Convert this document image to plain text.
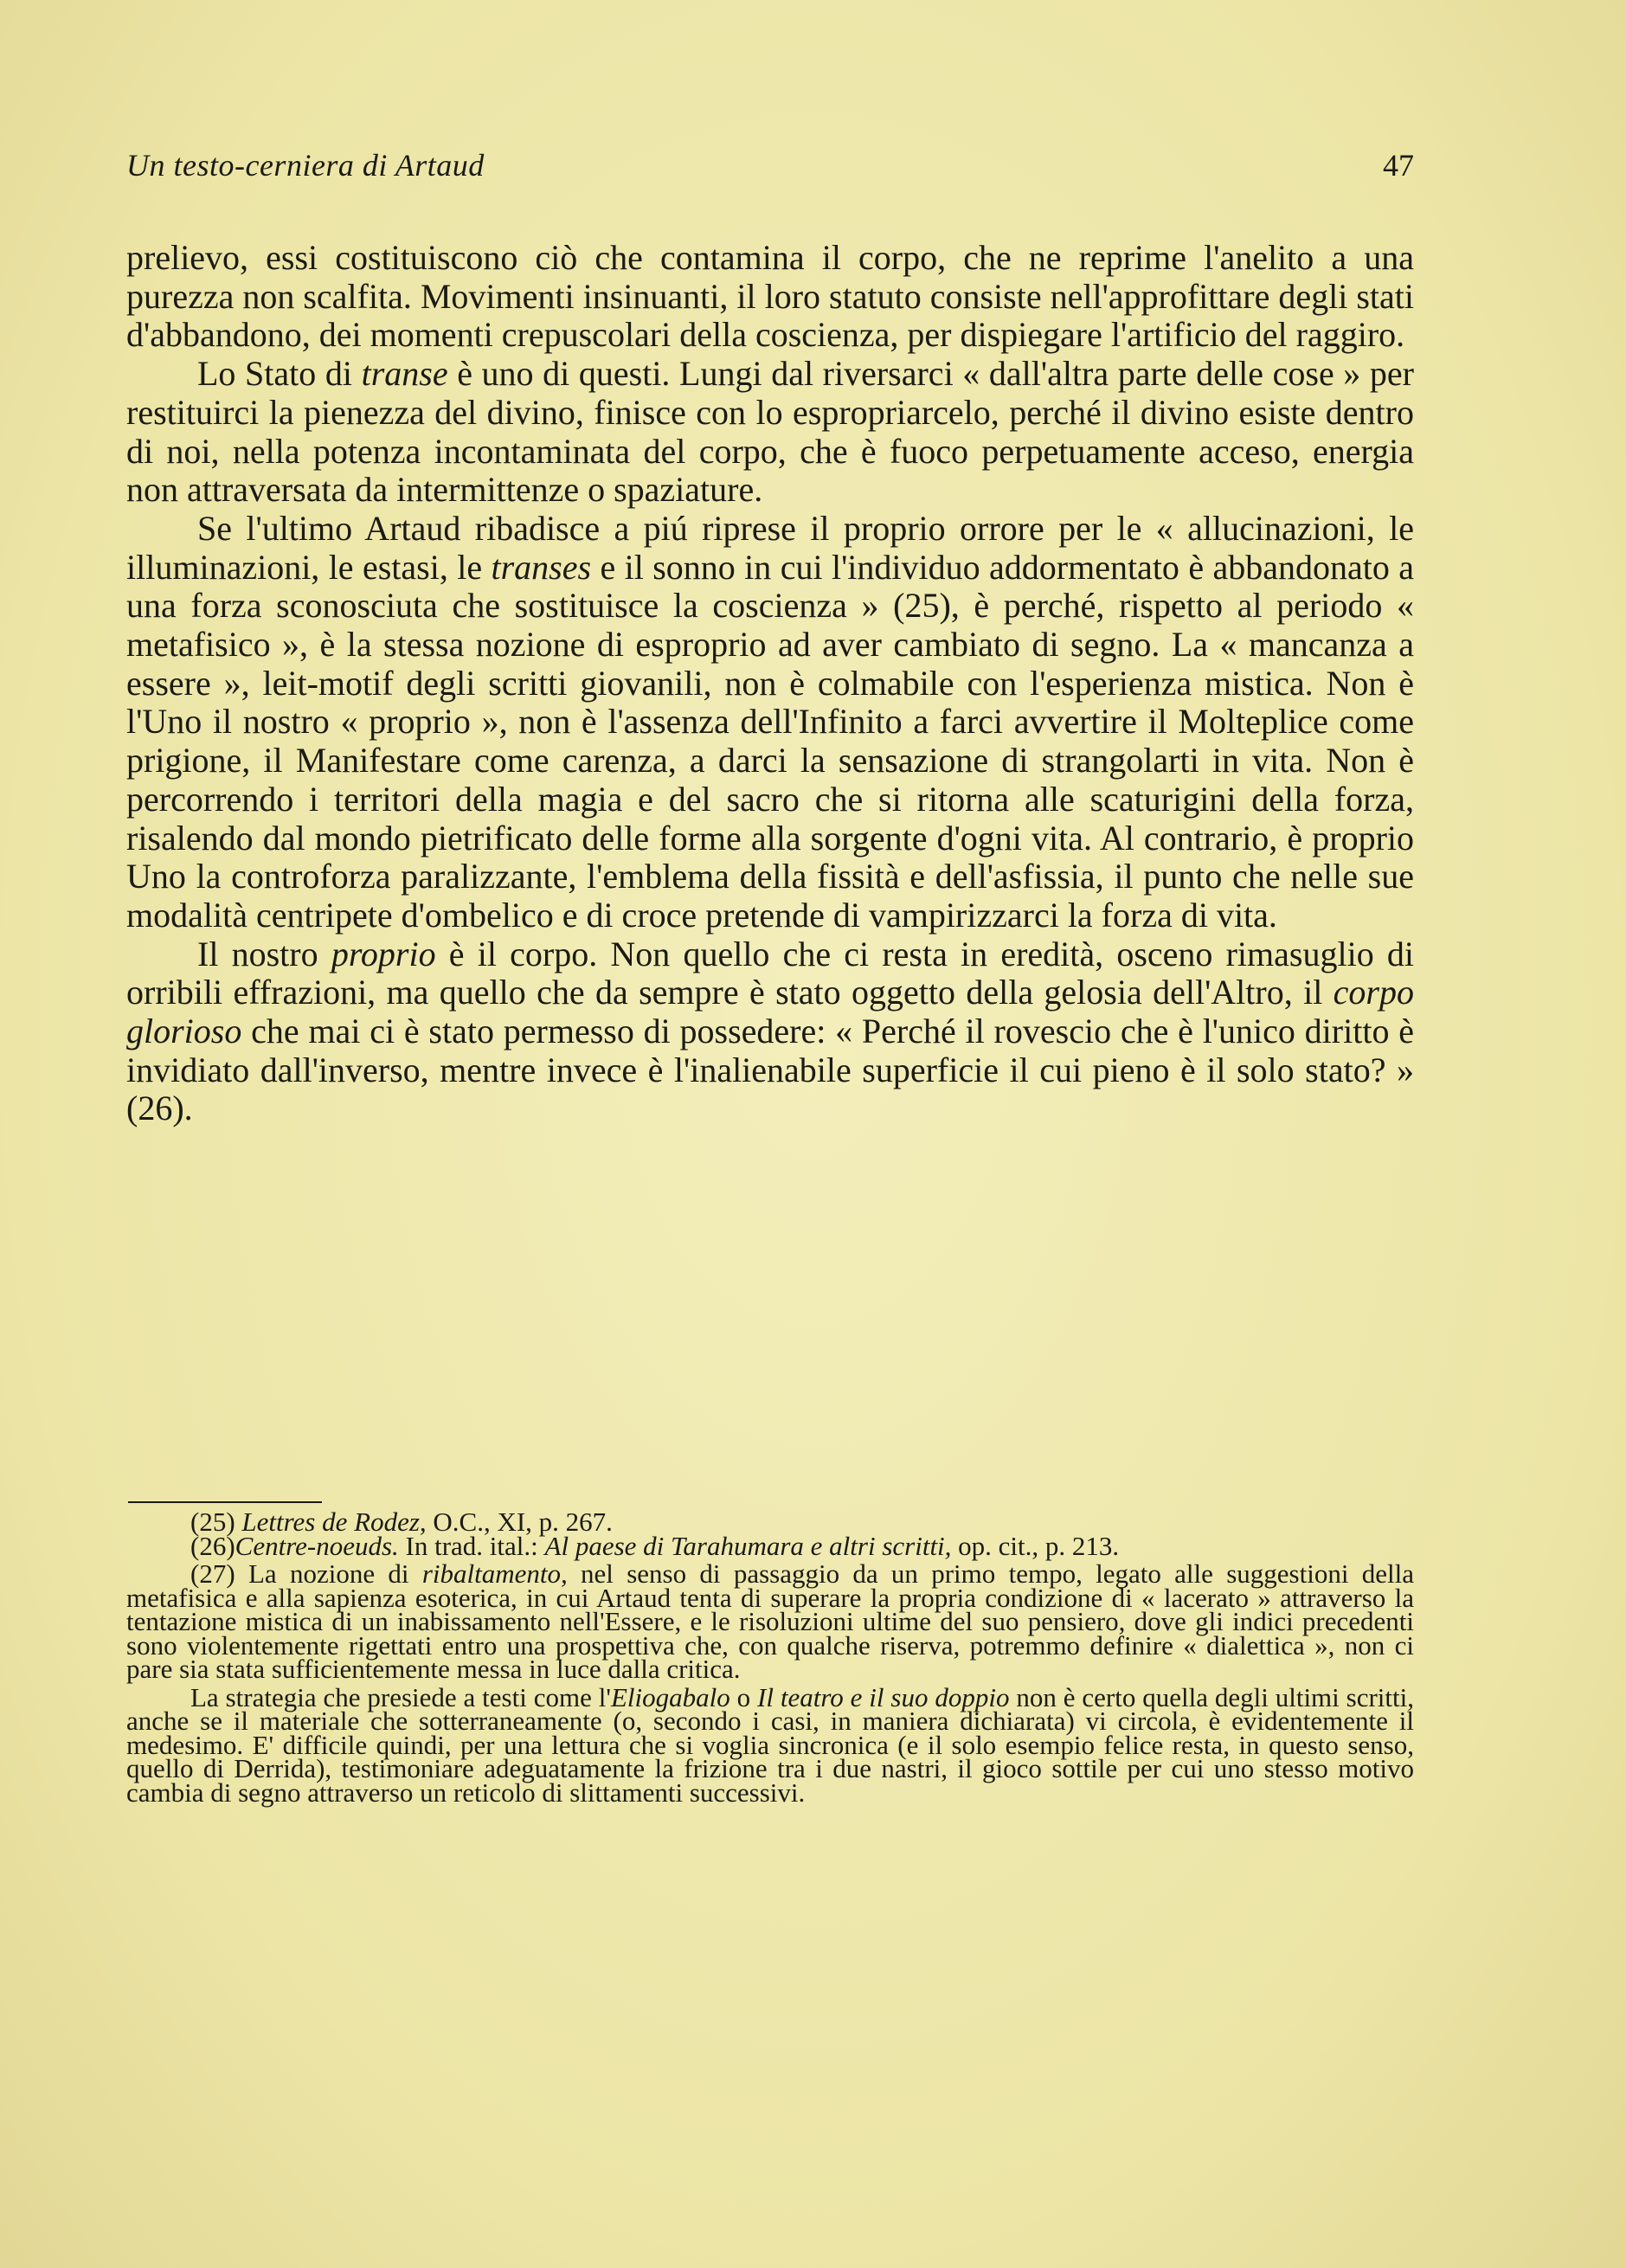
Un testo-cerniera di Artaud	47

prelievo, essi costituiscono ciò che contamina il corpo, che ne reprime l'anelito a una purezza non scalfita. Movimenti insinuanti, il loro statuto consiste nell'approfittare degli stati d'abbandono, dei momenti crepuscolari della coscienza, per dispiegare l'artificio del raggiro.

Lo Stato di transe è uno di questi. Lungi dal riversarci « dall'altra parte delle cose » per restituirci la pienezza del divino, finisce con lo espropriarcelo, perché il divino esiste dentro di noi, nella potenza incontaminata del corpo, che è fuoco perpetuamente acceso, energia non attraversata da intermittenze o spaziature.

Se l'ultimo Artaud ribadisce a piú riprese il proprio orrore per le « allucinazioni, le illuminazioni, le estasi, le transes e il sonno in cui l'individuo addormentato è abbandonato a una forza sconosciuta che sostituisce la coscienza » (25), è perché, rispetto al periodo « metafisico », è la stessa nozione di esproprio ad aver cambiato di segno. La « mancanza a essere », leit-motif degli scritti giovanili, non è colmabile con l'esperienza mistica. Non è l'Uno il nostro « proprio », non è l'assenza dell'Infinito a farci avvertire il Molteplice come prigione, il Manifestare come carenza, a darci la sensazione di strangolarti in vita. Non è percorrendo i territori della magia e del sacro che si ritorna alle scaturigini della forza, risalendo dal mondo pietrificato delle forme alla sorgente d'ogni vita. Al contrario, è proprio Uno la controforza paralizzante, l'emblema della fissità e dell'asfissia, il punto che nelle sue modalità centripete d'ombelico e di croce pretende di vampirizzarci la forza di vita.

Il nostro proprio è il corpo. Non quello che ci resta in eredità, osceno rimasuglio di orribili effrazioni, ma quello che da sempre è stato oggetto della gelosia dell'Altro, il corpo glorioso che mai ci è stato permesso di possedere: « Perché il rovescio che è l'unico diritto è invidiato dall'inverso, mentre invece è l'inalienabile superficie il cui pieno è il solo stato? » (26).

(25) Lettres de Rodez, O.C., XI, p. 267.

(26)Centre-noeuds. In trad. ital.: Al paese di Tarahumara e altri scritti, op. cit., p. 213.

(27) La nozione di ribaltamento, nel senso di passaggio da un primo tempo, legato alle suggestioni della metafisica e alla sapienza esoterica, in cui Artaud tenta di superare la propria condizione di « lacerato » attraverso la tentazione mistica di un inabissamento nell'Essere, e le risoluzioni ultime del suo pensiero, dove gli indici precedenti sono violentemente rigettati entro una prospettiva che, con qualche riserva, potremmo definire « dialettica », non ci pare sia stata sufficientemente messa in luce dalla critica.

La strategia che presiede a testi come l'Eliogabalo o Il teatro e il suo doppio non è certo quella degli ultimi scritti, anche se il materiale che sotterraneamente (o, secondo i casi, in maniera dichiarata) vi circola, è evidentemente il medesimo. E' difficile quindi, per una lettura che si voglia sincronica (e il solo esempio felice resta, in questo senso, quello di Derrida), testimoniare adeguatamente la frizione tra i due nastri, il gioco sottile per cui uno stesso motivo cambia di segno attraverso un reticolo di slittamenti successivi.
